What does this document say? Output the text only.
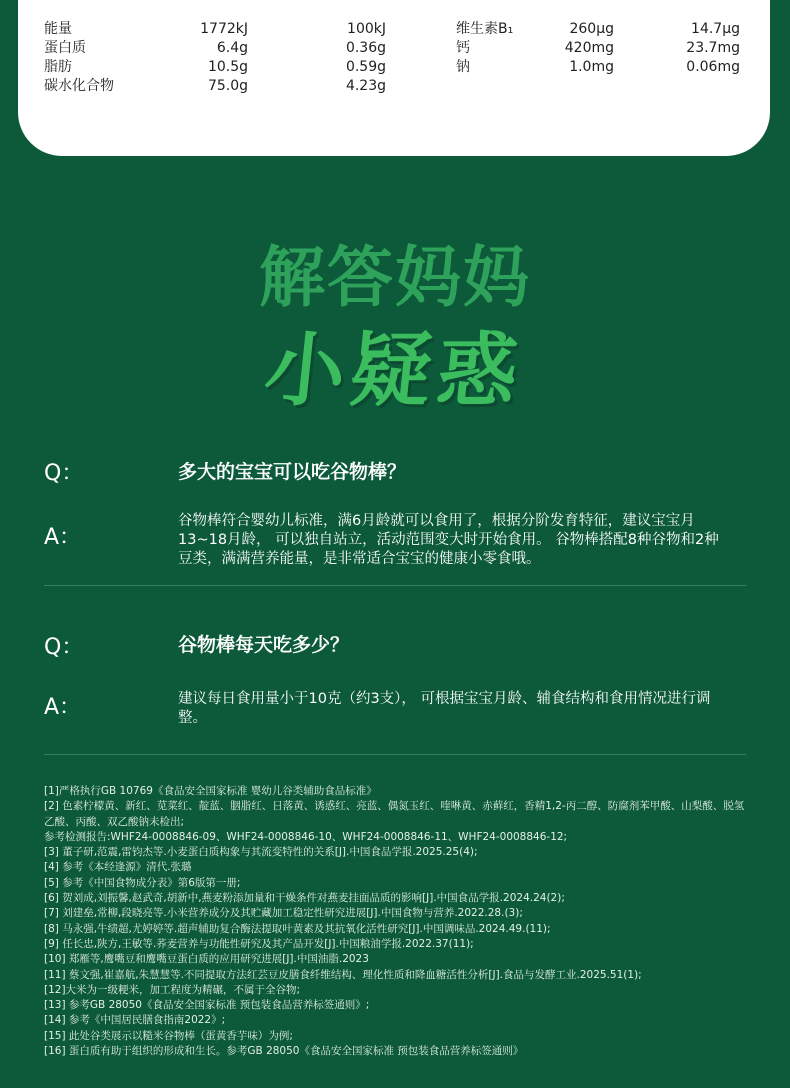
能量	1772kJ	100kJ
蛋白质	6.4g	0.36g
脂肪	10.5g	0.59g
碳水化合物	75.0g	4.23g
维生素B₁	260μg	14.7μg
钙	420mg	23.7mg
钠	1.0mg	0.06mg
解答妈妈
小疑惑
Q：	多大的宝宝可以吃谷物棒？
A：
谷物棒符合婴幼儿标准，满6月龄就可以食用了，根据分阶发育特征，建议宝宝月13~18月龄， 可以独自站立，活动范围变大时开始食用。 谷物棒搭配8种谷物和2种豆类，满满营养能量，是非常适合宝宝的健康小零食哦。
Q：	谷物棒每天吃多少？
A：	建议每日食用量小于10克（约3支）， 可根据宝宝月龄、辅食结构和食用情况进行调整。
[1]严格执行GB 10769《食品安全国家标准 婴幼儿谷类辅助食品标准》
[2] 色素柠檬黄、新红、苋菜红、靛蓝、胭脂红、日落黄、诱惑红、亮蓝、偶氮玉红、喹啉黄、赤藓红，香精1,2-丙二醇、防腐剂苯甲酸、山梨酸、脱氢乙酸、丙酸、双乙酸钠未检出;
参考检测报告:WHF24-0008846-09、WHF24-0008846-10、WHF24-0008846-11、WHF24-0008846-12;
[3] 董子研,范震,雷钧杰等.小麦蛋白质构象与其流变特性的关系[J].中国食品学报.2025.25(4);
[4] 参考《本经逢源》清代.张璐
[5] 参考《中国食物成分表》第6版第一册;
[6] 贺刘成,刘振馨,赵武奇,胡新中,燕麦粉添加量和干燥条件对燕麦挂面品质的影响[J].中国食品学报.2024.24(2);
[7] 刘建垒,常柳,段晓亮等.小米营养成分及其贮藏加工稳定性研究进展[J].中国食物与营养.2022.28.(3);
[8] 马永强,牛绩超,尤婷婷等.超声辅助复合酶法提取叶黄素及其抗氧化活性研究[J].中国调味品.2024.49.(11);
[9] 任长忠,陕方,王敏等.荞麦营养与功能性研究及其产品开发[J].中国粮油学报.2022.37(11);
[10] 郑雁等,鹰嘴豆和鹰嘴豆蛋白质的应用研究进展[J].中国油脂.2023
[11] 蔡文强,崔嘉航,朱慧慧等.不同提取方法红芸豆皮膳食纤维结构、理化性质和降血糖活性分析[J].食品与发酵工业.2025.51(1);
[12]大米为一级粳米，加工程度为精碾，不属于全谷物;
[13] 参考GB 28050《食品安全国家标准 预包装食品营养标签通则》;
[14] 参考《中国居民膳食指南2022》;
[15] 此处谷类展示以糙米谷物棒（蛋黄香芋味）为例;
[16] 蛋白质有助于组织的形成和生长。参考GB 28050《食品安全国家标准 预包装食品营养标签通则》
